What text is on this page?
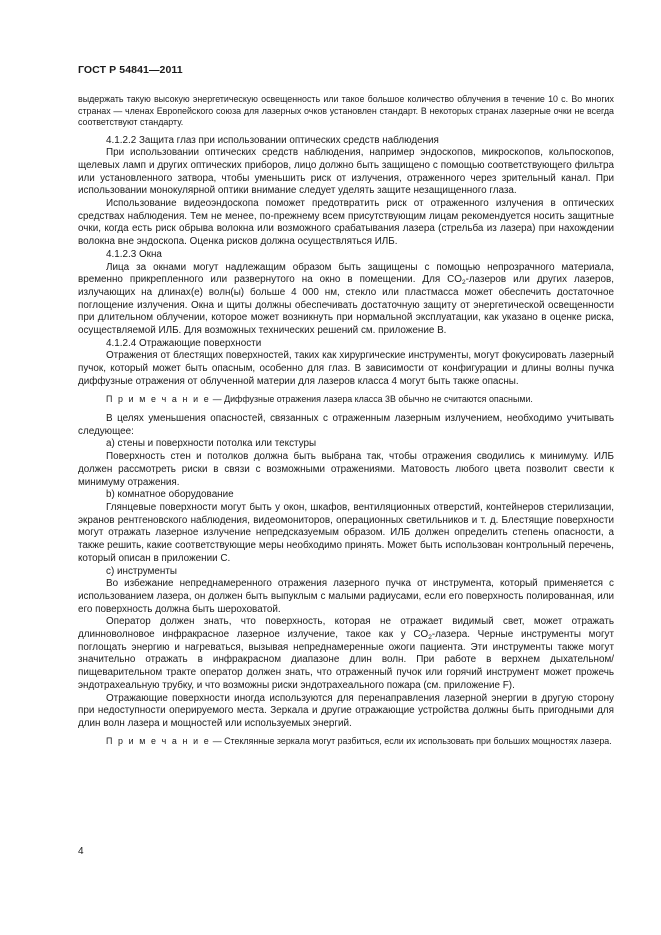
ГОСТ Р 54841—2011

выдержать такую высокую энергетическую освещенность или такое большое количество облучения в течение 10 с. Во многих странах — членах Европейского союза для лазерных очков установлен стандарт. В некоторых странах лазерные очки не всегда соответствуют стандарту.

4.1.2.2 Защита глаз при использовании оптических средств наблюдения

При использовании оптических средств наблюдения, например эндоскопов, микроскопов, кольпоскопов, щелевых ламп и других оптических приборов, лицо должно быть защищено с помощью соответствующего фильтра или установленного затвора, чтобы уменьшить риск от излучения, отраженного через зрительный канал. При использовании монокулярной оптики внимание следует уделять защите незащищенного глаза.

Использование видеоэндоскопа поможет предотвратить риск от отраженного излучения в оптических средствах наблюдения. Тем не менее, по-прежнему всем присутствующим лицам рекомендуется носить защитные очки, когда есть риск обрыва волокна или возможного срабатывания лазера (стрельба из лазера) при нахождении волокна вне эндоскопа. Оценка рисков должна осуществляться ИЛБ.

4.1.2.3 Окна

Лица за окнами могут надлежащим образом быть защищены с помощью непрозрачного материала, временно прикрепленного или развернутого на окно в помещении. Для $CO_2$-лазеров или других лазеров, излучающих на длинах(е) волн(ы) больше 4 000 нм, стекло или пластмасса может обеспечить достаточное поглощение излучения. Окна и щиты должны обеспечивать достаточную защиту от энергетической освещенности при длительном облучении, которое может возникнуть при нормальной эксплуатации, как указано в оценке риска, осуществляемой ИЛБ. Для возможных технических решений см. приложение В.

4.1.2.4 Отражающие поверхности

Отражения от блестящих поверхностей, таких как хирургические инструменты, могут фокусировать лазерный пучок, который может быть опасным, особенно для глаз. В зависимости от конфигурации и длины волны пучка диффузные отражения от облученной материи для лазеров класса 4 могут быть также опасны.

П р и м е ч а н и е — Диффузные отражения лазера класса 3B обычно не считаются опасными.

В целях уменьшения опасностей, связанных с отраженным лазерным излучением, необходимо учитывать следующее:

а) стены и поверхности потолка или текстуры

Поверхность стен и потолков должна быть выбрана так, чтобы отражения сводились к минимуму. ИЛБ должен рассмотреть риски в связи с возможными отражениями. Матовость любого цвета позволит свести к минимуму отражения.

b) комнатное оборудование

Глянцевые поверхности могут быть у окон, шкафов, вентиляционных отверстий, контейнеров стерилизации, экранов рентгеновского наблюдения, видеомониторов, операционных светильников и т. д. Блестящие поверхности могут отражать лазерное излучение непредсказуемым образом. ИЛБ должен определить степень опасности, а также решить, какие соответствующие меры необходимо принять. Может быть использован контрольный перечень, который описан в приложении С.

с) инструменты

Во избежание непреднамеренного отражения лазерного пучка от инструмента, который применяется с использованием лазера, он должен быть выпуклым с малыми радиусами, если его поверхность полированная, или его поверхность должна быть шероховатой.

Оператор должен знать, что поверхность, которая не отражает видимый свет, может отражать длинноволновое инфракрасное лазерное излучение, такое как у $CO_2$-лазера. Черные инструменты могут поглощать энергию и нагреваться, вызывая непреднамеренные ожоги пациента. Эти инструменты также могут значительно отражать в инфракрасном диапазоне длин волн. При работе в верхнем дыхательном/пищеварительном тракте оператор должен знать, что отраженный пучок или горячий инструмент может прожечь эндотрахеальную трубку, и что возможны риски эндотрахеального пожара (см. приложение F).

Отражающие поверхности иногда используются для перенаправления лазерной энергии в другую сторону при недоступности оперируемого места. Зеркала и другие отражающие устройства должны быть пригодными для длин волн лазера и мощностей или используемых энергий.

П р и м е ч а н и е — Стеклянные зеркала могут разбиться, если их использовать при больших мощностях лазера.

4
